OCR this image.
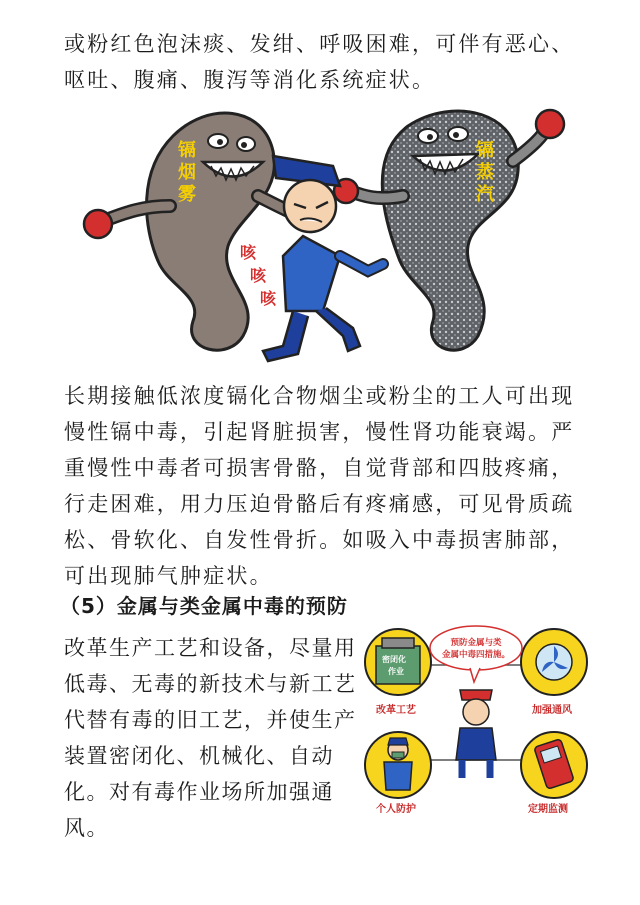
或粉红色泡沫痰、发绀、呼吸困难，可伴有恶心、呕吐、腹痛、腹泻等消化系统症状。

镉
烟
雾
镉
蒸
汽
咳
咳
咳

长期接触低浓度镉化合物烟尘或粉尘的工人可出现慢性镉中毒，引起肾脏损害，慢性肾功能衰竭。严重慢性中毒者可损害骨骼，自觉背部和四肢疼痛，行走困难，用力压迫骨骼后有疼痛感，可见骨质疏松、骨软化、自发性骨折。如吸入中毒损害肺部，可出现肺气肿症状。

（5）金属与类金属中毒的预防

改革生产工艺和设备，尽量用低毒、无毒的新技术与新工艺代替有毒的旧工艺，并使生产装置密闭化、机械化、自动化。对有毒作业场所加强通风。

密闭化
作业
改革工艺	加强通风
预防金属与类
金属中毒四措施。
个人防护	定期监测
